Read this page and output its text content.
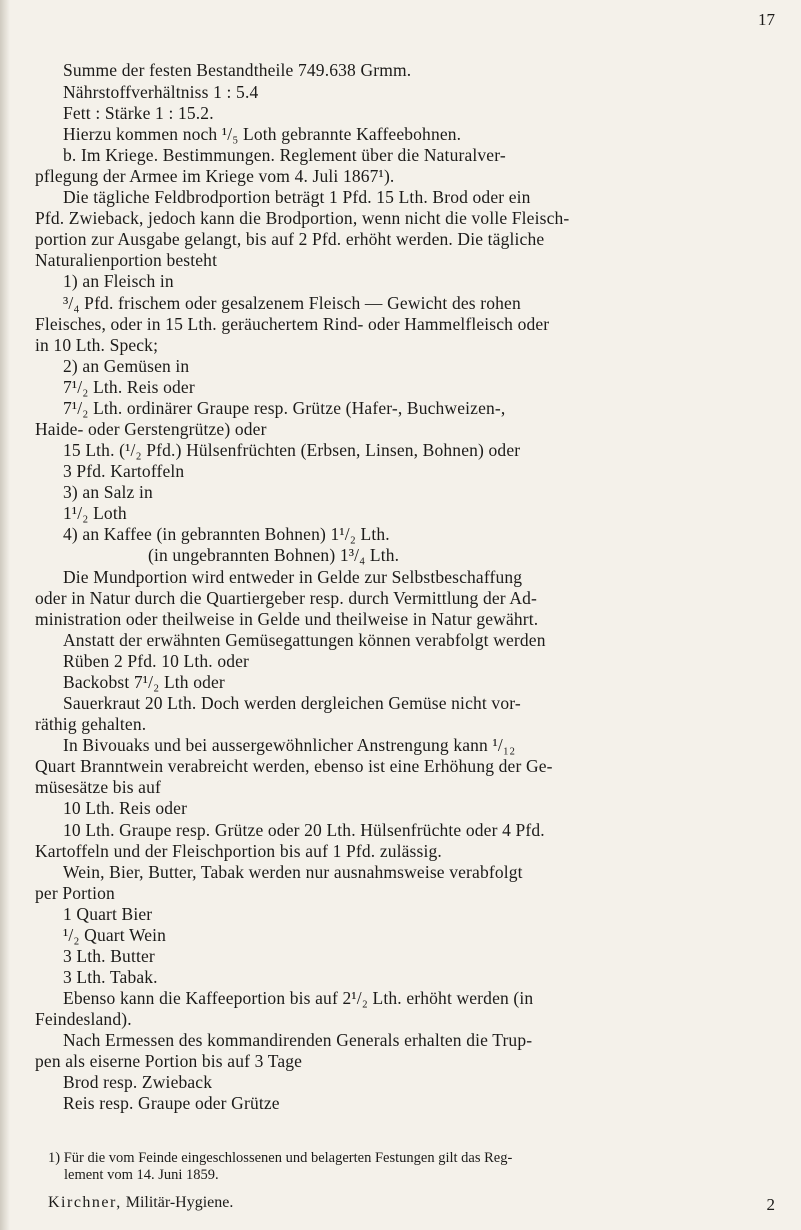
17
Summe der festen Bestandtheile 749.638 Grmm.
Nährstoffverhältniss 1 : 5.4
Fett : Stärke 1 : 15.2.
Hierzu kommen noch ¹/₅ Loth gebrannte Kaffeebohnen.
b. Im Kriege. Bestimmungen. Reglement über die Naturalver-
pflegung der Armee im Kriege vom 4. Juli 1867¹).
Die tägliche Feldbrodportion beträgt 1 Pfd. 15 Lth. Brod oder ein
Pfd. Zwieback, jedoch kann die Brodportion, wenn nicht die volle Fleisch-
portion zur Ausgabe gelangt, bis auf 2 Pfd. erhöht werden. Die tägliche
Naturalienportion besteht
1) an Fleisch in
³/₄ Pfd. frischem oder gesalzenem Fleisch — Gewicht des rohen
Fleisches, oder in 15 Lth. geräuchertem Rind- oder Hammelfleisch oder
in 10 Lth. Speck;
2) an Gemüsen in
7¹/₂ Lth. Reis oder
7¹/₂ Lth. ordinärer Graupe resp. Grütze (Hafer-, Buchweizen-,
Haide- oder Gerstengrütze) oder
15 Lth. (¹/₂ Pfd.) Hülsenfrüchten (Erbsen, Linsen, Bohnen) oder
3 Pfd. Kartoffeln
3) an Salz in
1¹/₂ Loth
4) an Kaffee (in gebrannten Bohnen) 1¹/₂ Lth.
(in ungebrannten Bohnen) 1³/₄ Lth.
Die Mundportion wird entweder in Gelde zur Selbstbeschaffung
oder in Natur durch die Quartiergeber resp. durch Vermittlung der Ad-
ministration oder theilweise in Gelde und theilweise in Natur gewährt.
Anstatt der erwähnten Gemüsegattungen können verabfolgt werden
Rüben 2 Pfd. 10 Lth. oder
Backobst 7¹/₂ Lth oder
Sauerkraut 20 Lth. Doch werden dergleichen Gemüse nicht vor-
räthig gehalten.
In Bivouaks und bei aussergewöhnlicher Anstrengung kann ¹/₁₂
Quart Branntwein verabreicht werden, ebenso ist eine Erhöhung der Ge-
müsesätze bis auf
10 Lth. Reis oder
10 Lth. Graupe resp. Grütze oder 20 Lth. Hülsenfrüchte oder 4 Pfd.
Kartoffeln und der Fleischportion bis auf 1 Pfd. zulässig.
Wein, Bier, Butter, Tabak werden nur ausnahmsweise verabfolgt
per Portion
1 Quart Bier
¹/₂ Quart Wein
3 Lth. Butter
3 Lth. Tabak.
Ebenso kann die Kaffeeportion bis auf 2¹/₂ Lth. erhöht werden (in
Feindesland).
Nach Ermessen des kommandirenden Generals erhalten die Trup-
pen als eiserne Portion bis auf 3 Tage
Brod resp. Zwieback
Reis resp. Graupe oder Grütze
1) Für die vom Feinde eingeschlossenen und belagerten Festungen gilt das Reg-
lement vom 14. Juni 1859.
Kirchner, Militär-Hygiene.	2
